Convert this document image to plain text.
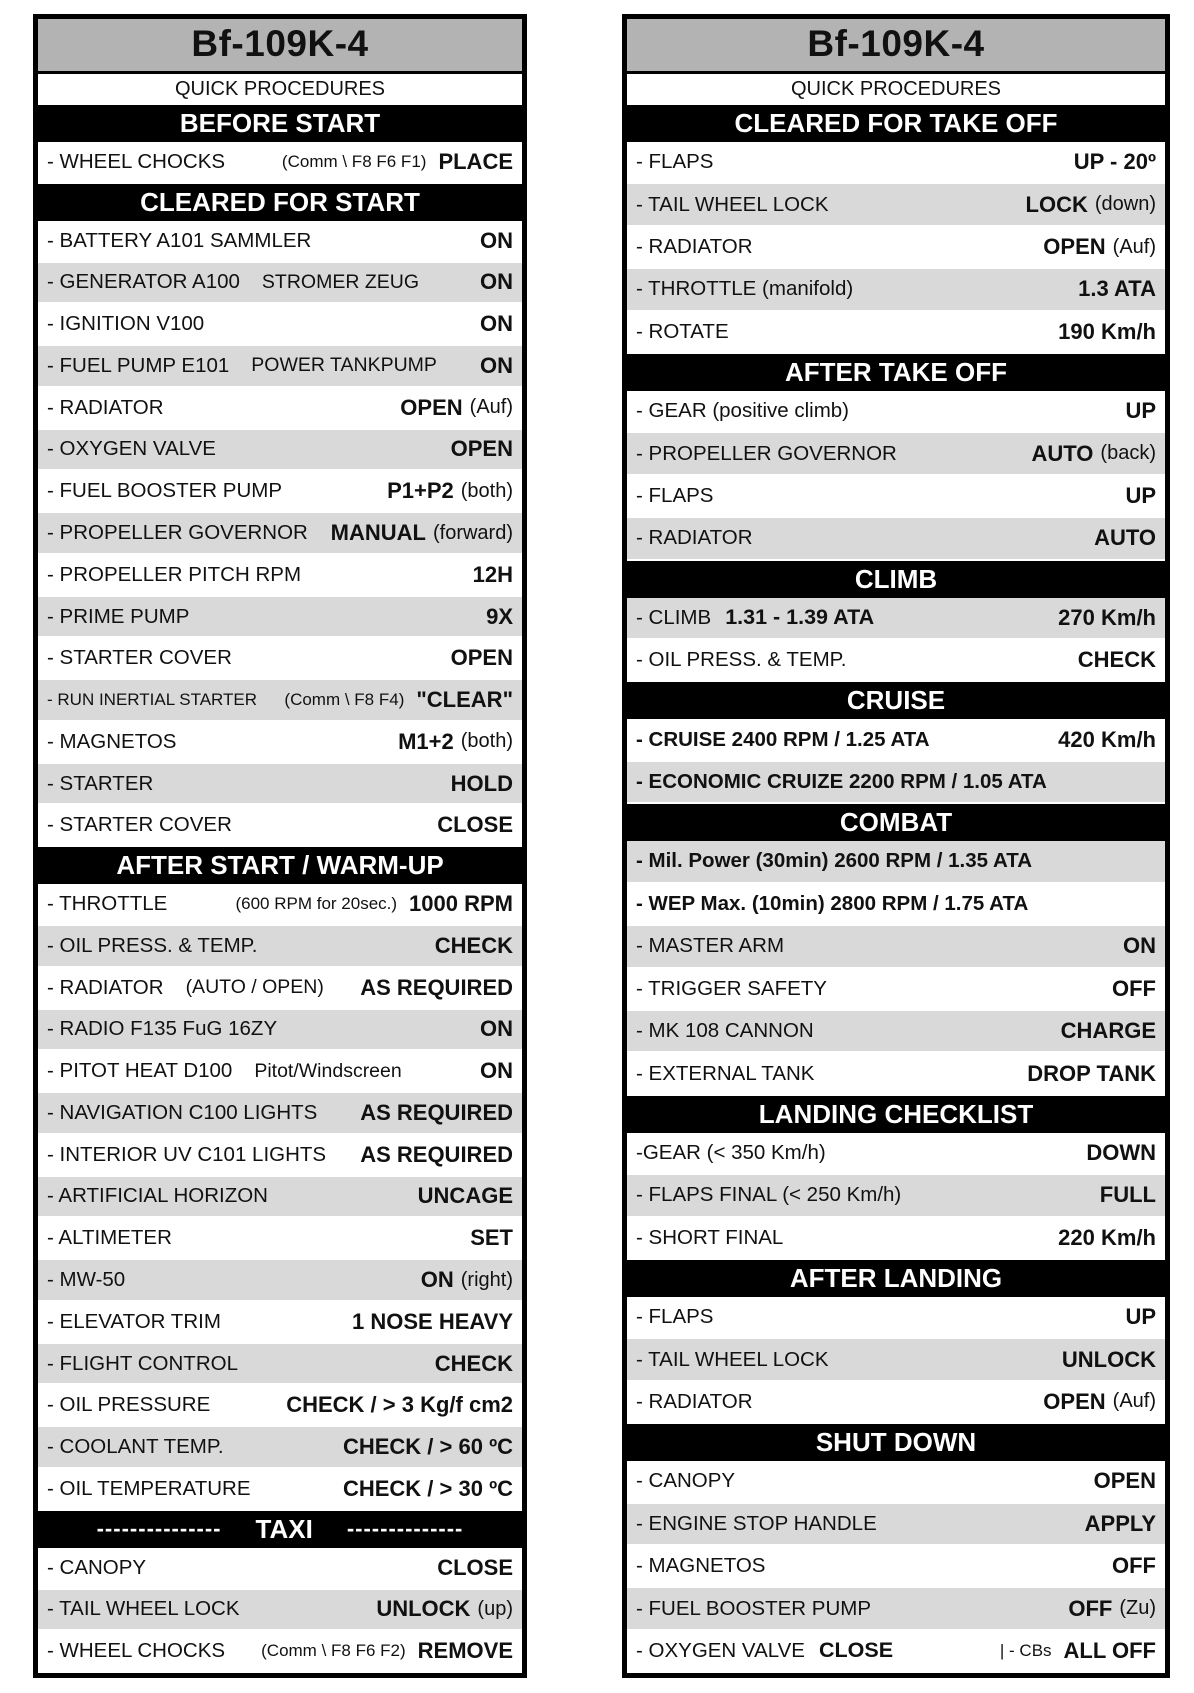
Bf-109K-4
QUICK PROCEDURES
BEFORE START
- WHEEL CHOCKS	(Comm \ F8 F6 F1) PLACE
CLEARED FOR START
- BATTERY A101 SAMMLER	ON
- GENERATOR A100 STROMER ZEUG	ON
- IGNITION V100	ON
- FUEL PUMP E101 POWER TANKPUMP ON
- RADIATOR	OPEN (Auf)
- OXYGEN VALVE	OPEN
- FUEL BOOSTER PUMP	P1+P2 (both)
- PROPELLER GOVERNOR MANUAL (forward)
- PROPELLER PITCH RPM	12H
- PRIME PUMP	9X
- STARTER COVER	OPEN
- RUN INERTIAL STARTER (Comm \ F8 F4) "CLEAR"
- MAGNETOS	M1+2 (both)
- STARTER	HOLD
- STARTER COVER	CLOSE
AFTER START / WARM-UP
- THROTTLE	(600 RPM for 20sec.) 1000 RPM
- OIL PRESS. & TEMP.	CHECK
- RADIATOR (AUTO / OPEN) AS REQUIRED
- RADIO F135 FuG 16ZY	ON
- PITOT HEAT D100 Pitot/Windscreen	ON
- NAVIGATION C100 LIGHTS AS REQUIRED
- INTERIOR UV C101 LIGHTS AS REQUIRED
- ARTIFICIAL HORIZON	UNCAGE
- ALTIMETER	SET
- MW-50	ON (right)
- ELEVATOR TRIM	1 NOSE HEAVY
- FLIGHT CONTROL	CHECK
- OIL PRESSURE	CHECK / > 3 Kg/f cm2
- COOLANT TEMP.	CHECK / > 60 ºC
- OIL TEMPERATURE	CHECK / > 30 ºC
--------------- TAXI --------------
- CANOPY	CLOSE
- TAIL WHEEL LOCK	UNLOCK (up)
- WHEEL CHOCKS (Comm \ F8 F6 F2) REMOVE
Bf-109K-4
QUICK PROCEDURES
CLEARED FOR TAKE OFF
- FLAPS	UP - 20º
- TAIL WHEEL LOCK	LOCK (down)
- RADIATOR	OPEN (Auf)
- THROTTLE (manifold)	1.3 ATA
- ROTATE	190 Km/h
AFTER TAKE OFF
- GEAR (positive climb)	UP
- PROPELLER GOVERNOR	AUTO (back)
- FLAPS	UP
- RADIATOR	AUTO
CLIMB
- CLIMB 1.31 - 1.39 ATA	270 Km/h
- OIL PRESS. & TEMP.	CHECK
CRUISE
- CRUISE 2400 RPM / 1.25 ATA	420 Km/h
- ECONOMIC CRUIZE 2200 RPM / 1.05 ATA
COMBAT
- Mil. Power (30min) 2600 RPM / 1.35 ATA
- WEP Max. (10min) 2800 RPM / 1.75 ATA
- MASTER ARM	ON
- TRIGGER SAFETY	OFF
- MK 108 CANNON	CHARGE
- EXTERNAL TANK	DROP TANK
LANDING CHECKLIST
-GEAR (< 350 Km/h)	DOWN
- FLAPS FINAL (< 250 Km/h)	FULL
- SHORT FINAL	220 Km/h
AFTER LANDING
- FLAPS	UP
- TAIL WHEEL LOCK	UNLOCK
- RADIATOR	OPEN (Auf)
SHUT DOWN
- CANOPY	OPEN
- ENGINE STOP HANDLE	APPLY
- MAGNETOS	OFF
- FUEL BOOSTER PUMP	OFF (Zu)
- OXYGEN VALVE CLOSE	| - CBs ALL OFF
